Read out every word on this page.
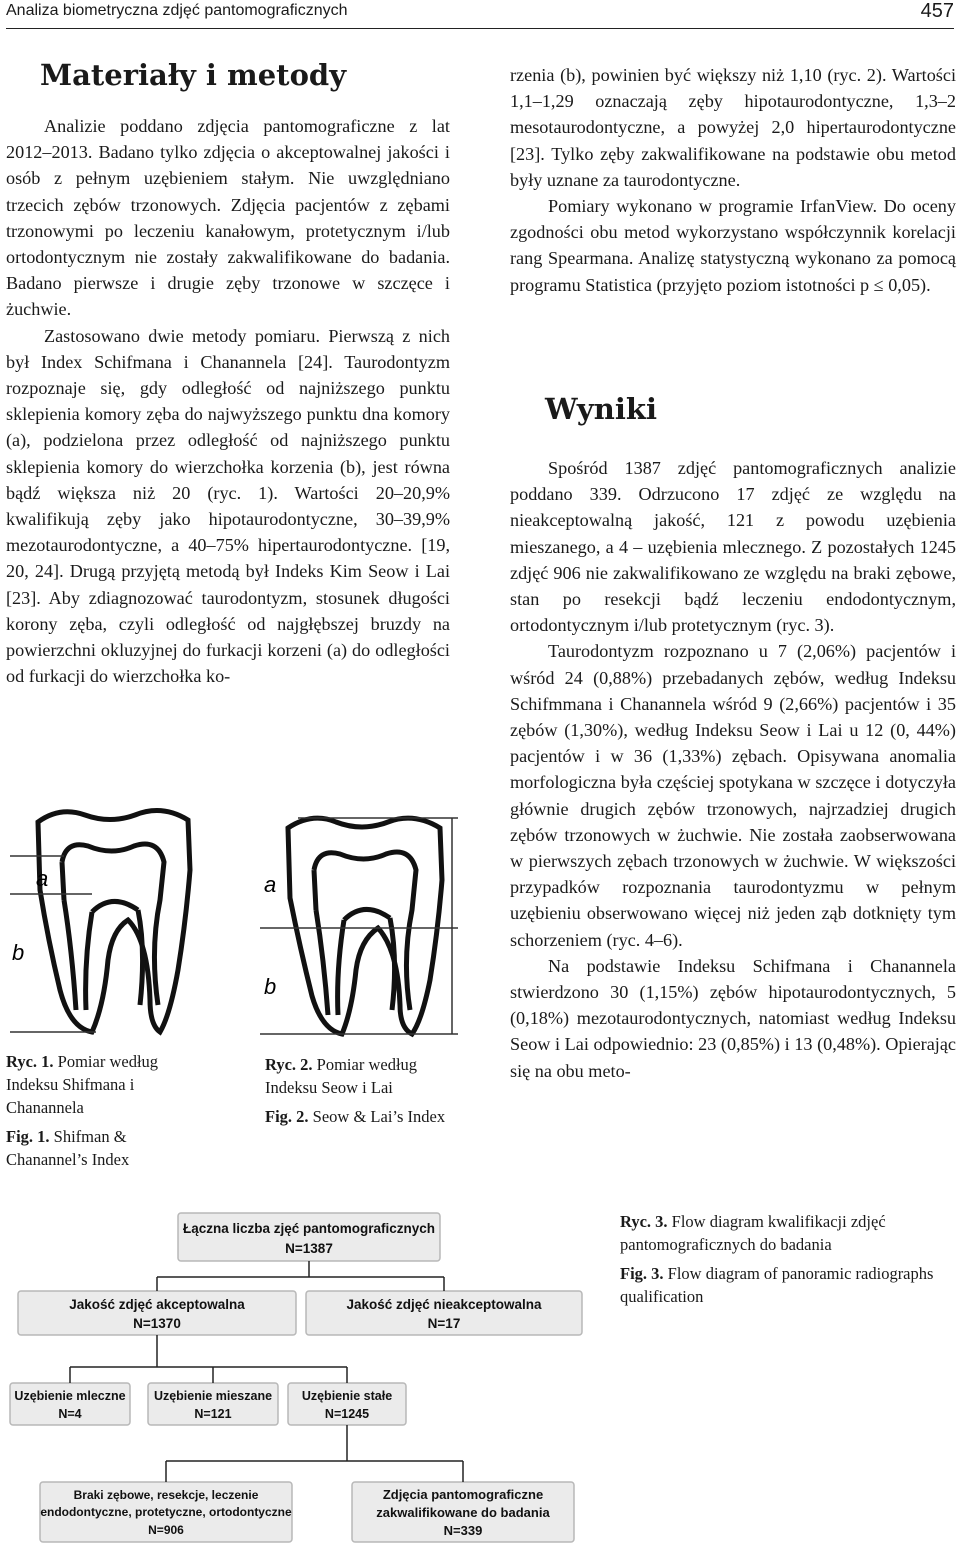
Analiza biometryczna zdjęć pantomograficznych	457
Materiały i metody

Analizie poddano zdjęcia pantomograficzne z lat 2012–2013. Badano tylko zdjęcia o akceptowalnej jakości i osób z pełnym uzębieniem stałym. Nie uwzględniano trzecich zębów trzonowych. Zdjęcia pacjentów z zębami trzonowymi po leczeniu kanałowym, protetycznym i/lub ortodontycznym nie zostały zakwalifikowane do badania. Badano pierwsze i drugie zęby trzonowe w szczęce i żuchwie.

Zastosowano dwie metody pomiaru. Pierwszą z nich był Index Schifmana i Chanannela [24]. Taurodontyzm rozpoznaje się, gdy odległość od najniższego punktu sklepienia komory zęba do najwyższego punktu dna komory (a), podzielona przez odległość od najniższego punktu sklepienia komory do wierzchołka korzenia (b), jest równa bądź większa niż 20 (ryc. 1). Wartości 20–20,9% kwalifikują zęby jako hipotaurodontyczne, 30–39,9% mezotaurodontyczne, a 40–75% hipertaurodontyczne. [19, 20, 24]. Drugą przyjętą metodą był Indeks Kim Seow i Lai [23]. Aby zdiagnozować taurodontyzm, stosunek długości korony zęba, czyli odległość od najgłębszej bruzdy na powierzchni okluzyjnej do furkacji korzeni (a) do odległości od furkacji do wierzchołka ko-

rzenia (b), powinien być większy niż 1,10 (ryc. 2). Wartości 1,1–1,29 oznaczają zęby hipotaurodontyczne, 1,3–2 mesotaurodontyczne, a powyżej 2,0 hipertaurodontyczne [23]. Tylko zęby zakwalifikowane na podstawie obu metod były uznane za taurodontyczne.

Pomiary wykonano w programie IrfanView. Do oceny zgodności obu metod wykorzystano współczynnik korelacji rang Spearmana. Analizę statystyczną wykonano za pomocą programu Statistica (przyjęto poziom istotności p ≤ 0,05).

Wyniki

Spośród 1387 zdjęć pantomograficznych analizie poddano 339. Odrzucono 17 zdjęć ze względu na nieakceptowalną jakość, 121 z powodu uzębienia mieszanego, a 4 – uzębienia mlecznego. Z pozostałych 1245 zdjęć 906 nie zakwalifikowano ze względu na braki zębowe, stan po resekcji bądź leczeniu endodontycznym, ortodontycznym i/lub protetycznym (ryc. 3).

Taurodontyzm rozpoznano u 7 (2,06%) pacjentów i wśród 24 (0,88%) przebadanych zębów, według Indeksu Schifmmana i Chanannela wśród 9 (2,66%) pacjentów i 35 zębów (1,30%), według Indeksu Seow i Lai u 12 (0, 44%) pacjentów i w 36 (1,33%) zębach. Opisywana anomalia morfologiczna była częściej spotykana w szczęce i dotyczyła głównie drugich zębów trzonowych, najrzadziej drugich zębów trzonowych w żuchwie. Nie została zaobserwowana w pierwszych zębach trzonowych w żuchwie. W większości przypadków rozpoznania taurodontyzmu w pełnym uzębieniu obserwowano więcej niż jeden ząb dotknięty tym schorzeniem (ryc. 4–6).

Na podstawie Indeksu Schifmana i Chanannela stwierdzono 30 (1,15%) zębów hipotaurodontycznych, 5 (0,18%) mezotaurodontycznych, natomiast według Indeksu Seow i Lai odpowiednio: 23 (0,85%) i 13 (0,48%). Opierając się na obu meto-

a
b
a
b

Ryc. 1. Pomiar według Indeksu Shifmana i Chanannela

Fig. 1. Shifman & Chanannel’s Index

Ryc. 2. Pomiar według Indeksu Seow i Lai

Fig. 2. Seow & Lai’s Index

Łączna liczba zjęć pantomograficznych
N=1387
Jakość zdjęć akceptowalna
N=1370
Jakość zdjęć nieakceptowalna
N=17
Uzębienie mleczne
N=4
Uzębienie mieszane
N=121
Uzębienie stałe
N=1245
Braki zębowe, resekcje, leczenie
endodontyczne, protetyczne, ortodontyczne
N=906
Zdjęcia pantomograficzne
zakwalifikowane do badania
N=339

Ryc. 3. Flow diagram kwalifikacji zdjęć pantomograficznych do badania

Fig. 3. Flow diagram of panoramic radiographs qualification
